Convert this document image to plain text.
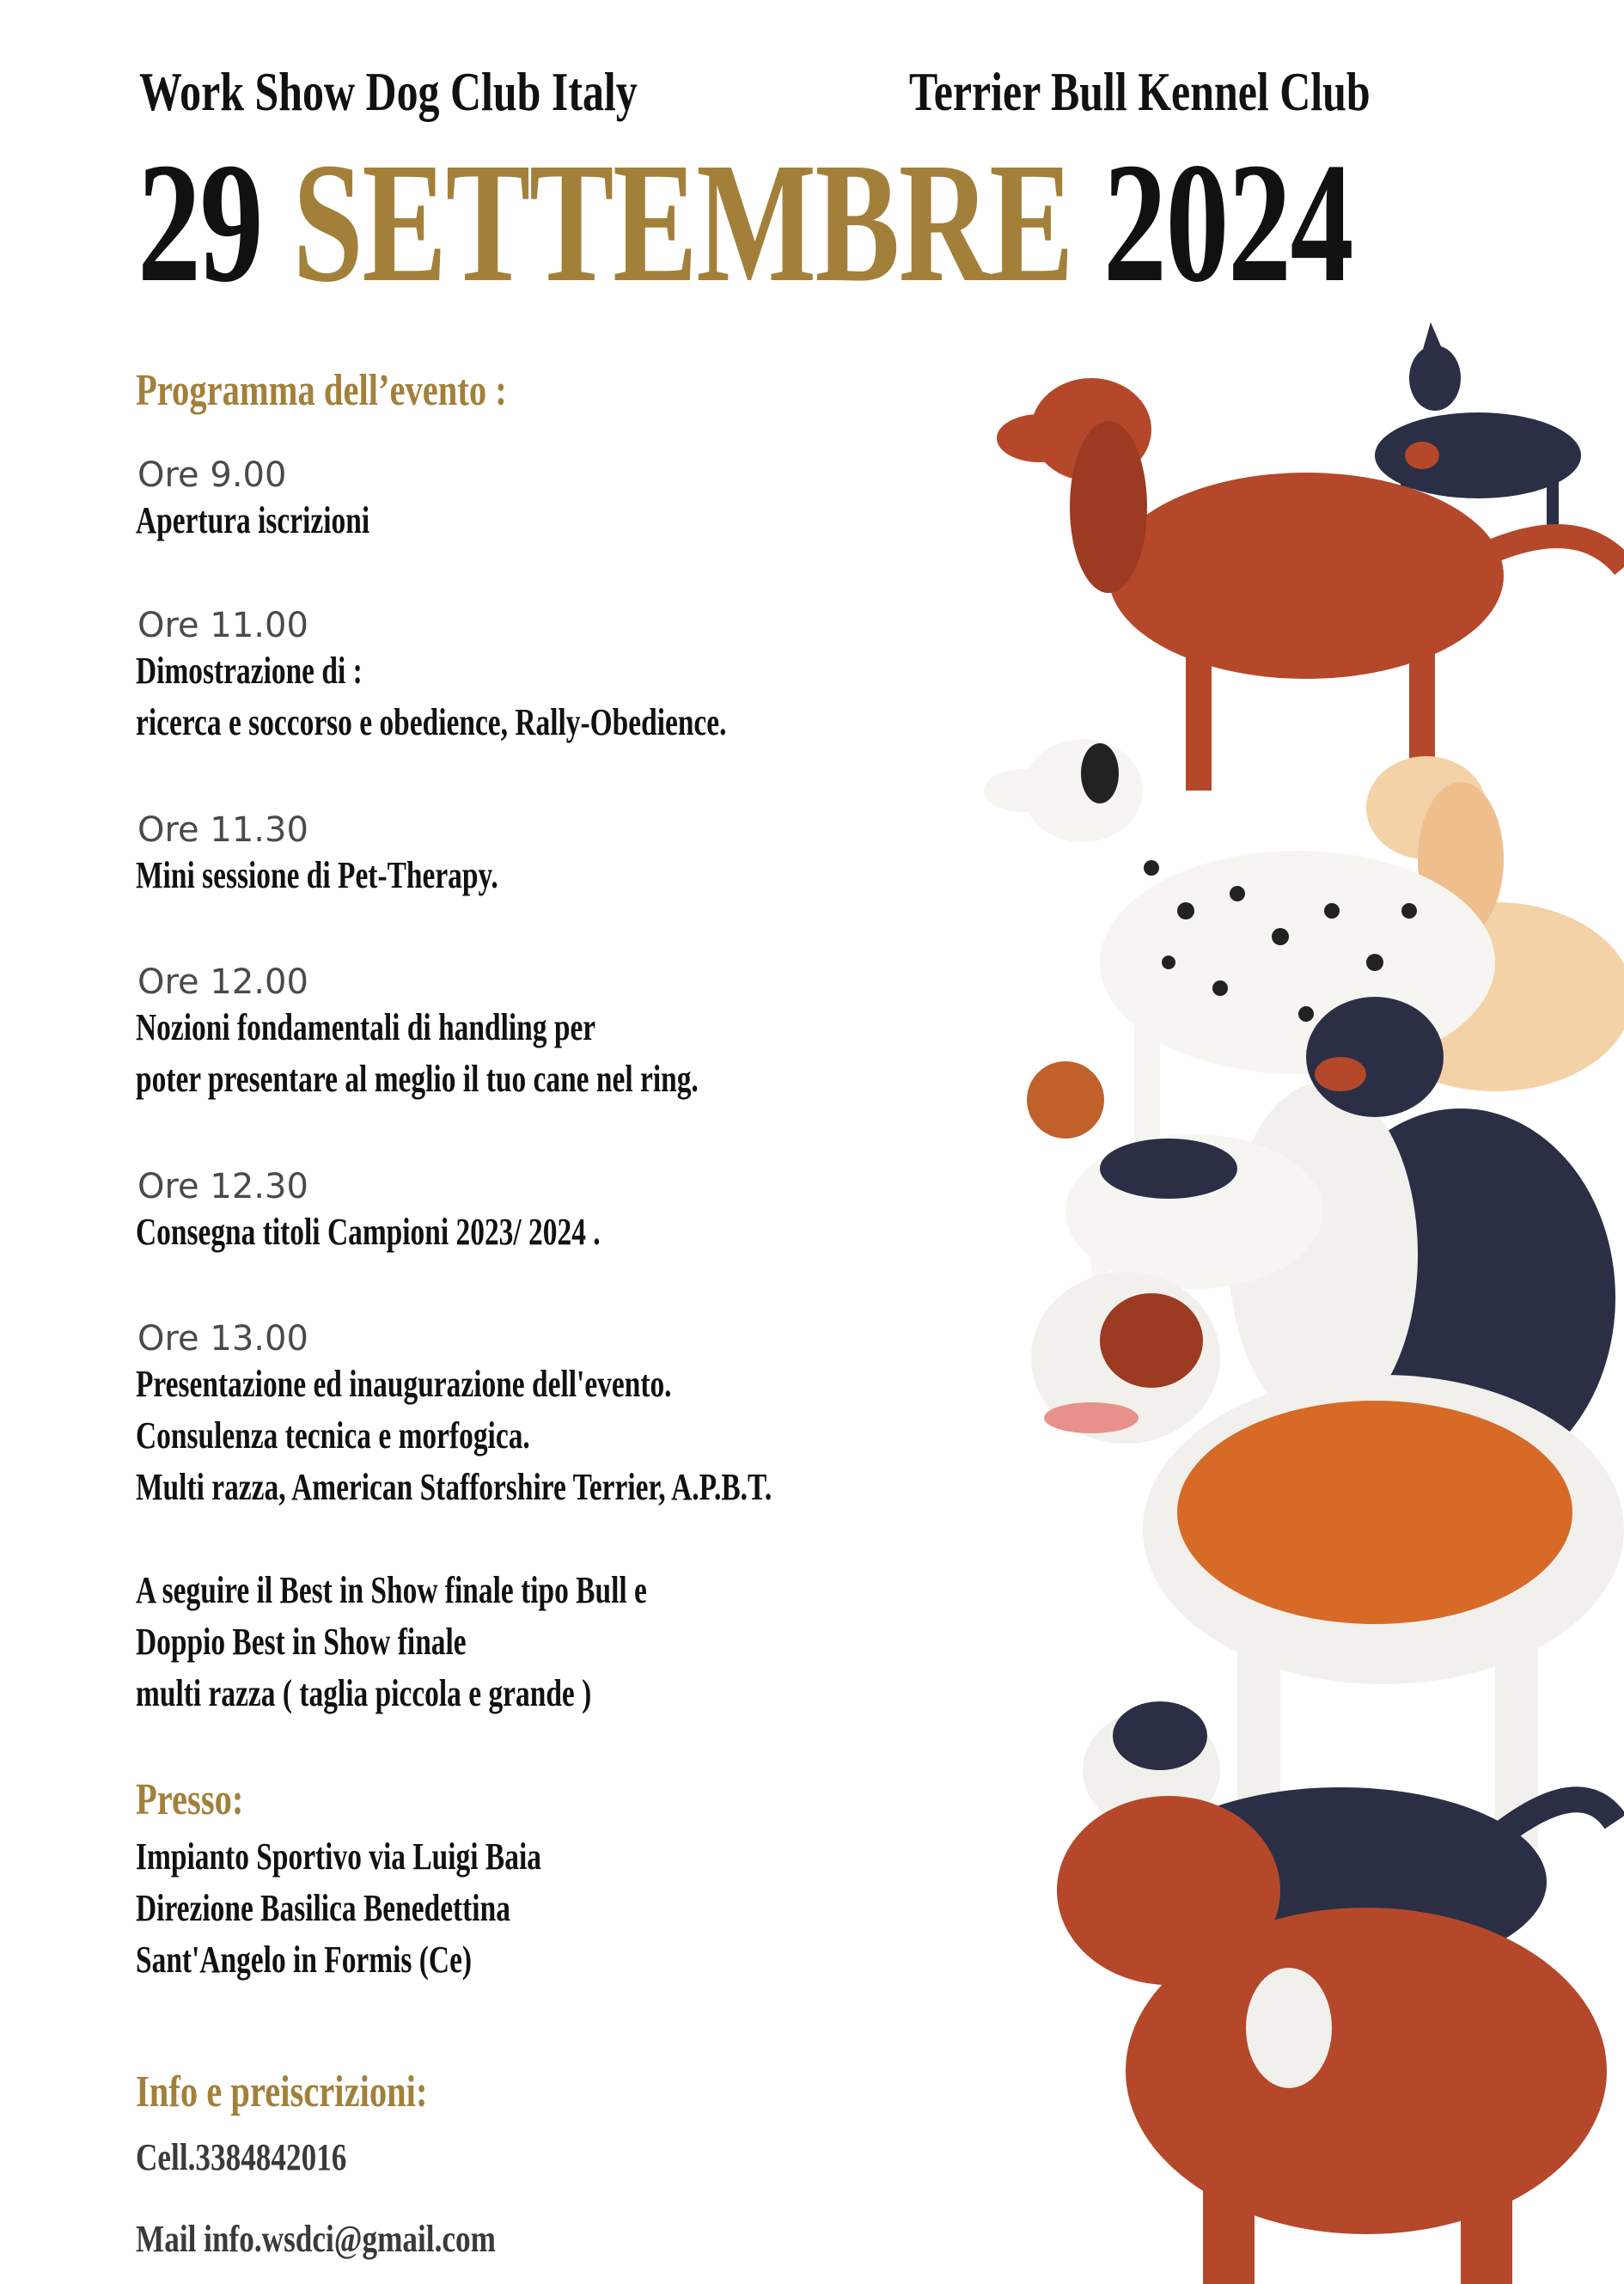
Work Show Dog Club Italy	Terrier Bull Kennel Club
29 SETTEMBRE 2024
Programma dell’evento :
Ore 9.00
Apertura iscrizioni
Ore 11.00
Dimostrazione di :
ricerca e soccorso e obedience, Rally-Obedience.
Ore 11.30
Mini sessione di Pet-Therapy.
Ore 12.00
Nozioni fondamentali di handling per
poter presentare al meglio il tuo cane nel ring.
Ore 12.30
Consegna titoli Campioni 2023/ 2024 .
Ore 13.00
Presentazione ed inaugurazione dell'evento.
Consulenza tecnica e morfogica.
Multi razza, American Stafforshire Terrier, A.P.B.T.
A seguire il Best in Show finale tipo Bull e
Doppio Best in Show finale
multi razza ( taglia piccola e grande )
Presso:
Impianto Sportivo via Luigi Baia
Direzione Basilica Benedettina
Sant'Angelo in Formis (Ce)
Info e preiscrizioni:
Cell.3384842016
Mail info.wsdci@gmail.com
